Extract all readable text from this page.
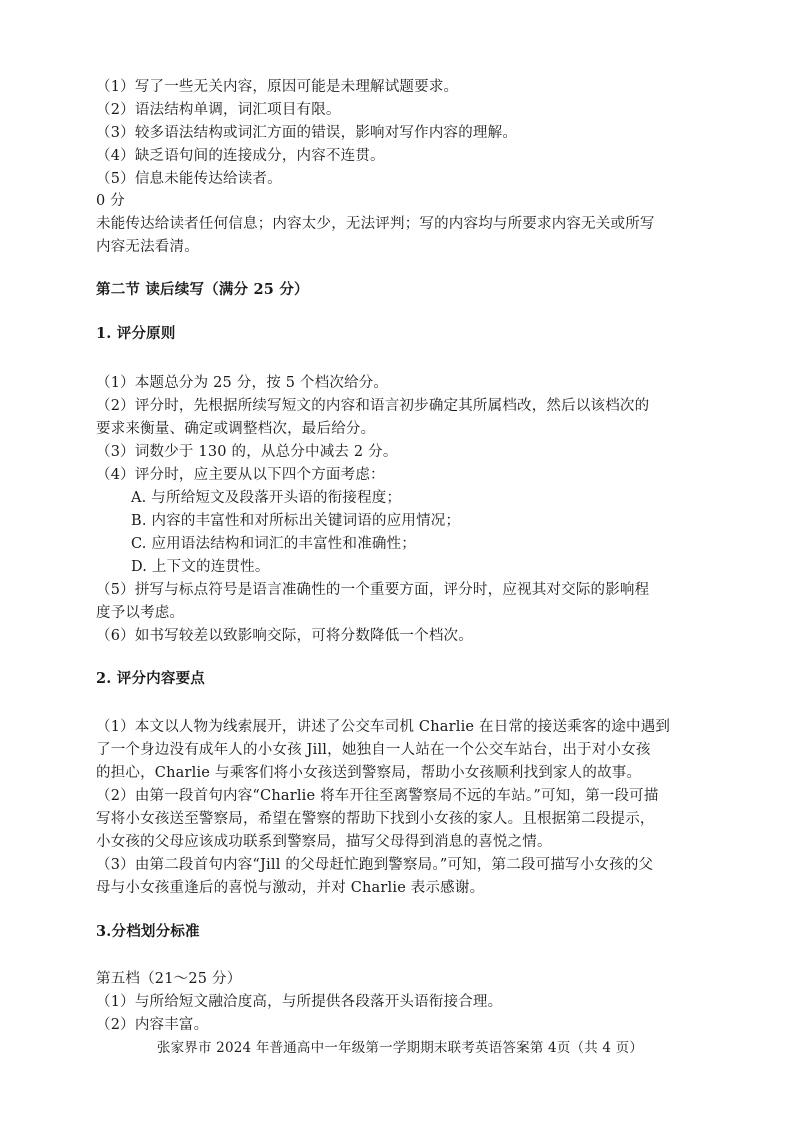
（1）写了一些无关内容，原因可能是未理解试题要求。
（2）语法结构单调，词汇项目有限。
（3）较多语法结构或词汇方面的错误，影响对写作内容的理解。
（4）缺乏语句间的连接成分，内容不连贯。
（5）信息未能传达给读者。
0 分
未能传达给读者任何信息；内容太少，无法评判；写的内容均与所要求内容无关或所写
内容无法看清。
第二节 读后续写（满分 25 分）
1. 评分原则
（1）本题总分为 25 分，按 5 个档次给分。
（2）评分时，先根据所续写短文的内容和语言初步确定其所属档改，然后以该档次的
要求来衡量、确定或调整档次，最后给分。
（3）词数少于 130 的，从总分中减去 2 分。
（4）评分时，应主要从以下四个方面考虑：
A. 与所给短文及段落开头语的衔接程度；
B. 内容的丰富性和对所标出关键词语的应用情况；
C. 应用语法结构和词汇的丰富性和准确性；
D. 上下文的连贯性。
（5）拼写与标点符号是语言准确性的一个重要方面，评分时，应视其对交际的影响程
度予以考虑。
（6）如书写较差以致影响交际，可将分数降低一个档次。
2. 评分内容要点
（1）本文以人物为线索展开，讲述了公交车司机 Charlie 在日常的接送乘客的途中遇到
了一个身边没有成年人的小女孩 Jill，她独自一人站在一个公交车站台，出于对小女孩
的担心，Charlie 与乘客们将小女孩送到警察局，帮助小女孩顺利找到家人的故事。
（2）由第一段首句内容“Charlie 将车开往至离警察局不远的车站。”可知，第一段可描
写将小女孩送至警察局，希望在警察的帮助下找到小女孩的家人。且根据第二段提示，
小女孩的父母应该成功联系到警察局，描写父母得到消息的喜悦之情。
（3）由第二段首句内容“Jill 的父母赶忙跑到警察局。”可知，第二段可描写小女孩的父
母与小女孩重逢后的喜悦与激动，并对 Charlie 表示感谢。
3.分档划分标准
第五档（21～25 分）
（1）与所给短文融洽度高，与所提供各段落开头语衔接合理。
（2）内容丰富。
张家界市 2024 年普通高中一年级第一学期期末联考英语答案第 4页（共 4 页）
